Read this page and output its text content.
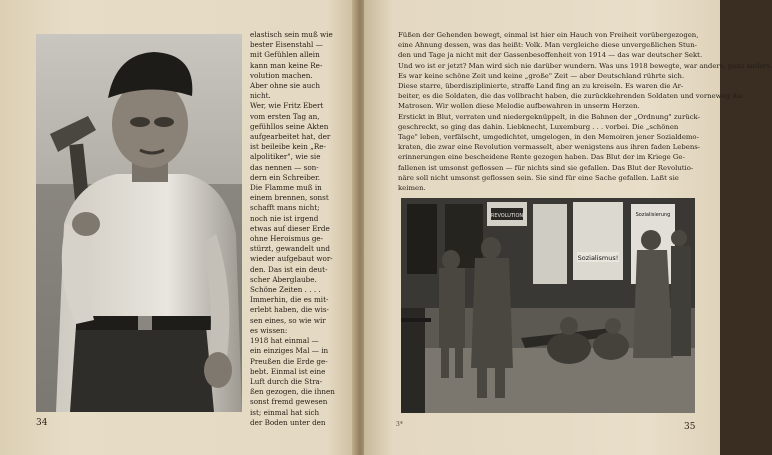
elastisch sein muß wie
bester Eisenstahl —
mit Gefühlen allein
kann man keine Re-
volution machen.
Aber ohne sie auch
nicht.
Wer, wie Fritz Ebert
vom ersten Tag an,
gefühllos seine Akten
aufgearbeitet hat, der
ist beileibe kein „Re-
alpolitiker", wie sie
das nennen — son-
dern ein Schreiber.
Die Flamme muß in
einem brennen, sonst
schafft mans nicht;
noch nie ist irgend
etwas auf dieser Erde
ohne Heroismus ge-
stürzt, gewandelt und
wieder aufgebaut wor-
den. Das ist ein deut-
scher Aberglaube.
Schöne Zeiten . . . .
Immerhin, die es mit-
erlebt haben, die wis-
sen eines, so wie wir
es wissen:
1918 hat einmal —
ein einziges Mal — in
Preußen die Erde ge-
bebt. Einmal ist eine
Luft durch die Stra-
ßen gezogen, die ihnen
sonst fremd gewesen
ist; einmal hat sich
der Boden unter den
34
Füßen der Gehenden bewegt, einmal ist hier ein Hauch von Freiheit vorübergezogen,
eine Ahnung dessen, was das heißt: Volk. Man vergleiche diese unvergeßlichen Stun-
den und Tage ja nicht mit der Gassenbesoffenheit von 1914 — das war deutscher Sekt.
Und wo ist er jetzt? Man wird sich nie darüber wundern. Was uns 1918 bewegte, war anders, ganz anders.
Es war keine schöne Zeit und keine „große" Zeit — aber Deutschland rührte sich.
Diese starre, überdisziplinierte, straffe Land fing an zu kreiseln. Es waren die Ar-
beiter, es die Soldaten, die das vollbracht haben, die zurückkehrenden Soldaten und vorneweg die
Matrosen. Wir wollen diese Melodie aufbewahren in unserm Herzen.
Erstickt in Blut, verraten und niedergeknüppelt, in die Bahnen der „Ordnung" zurück-
geschreckt, so ging das dahin. Liebknecht, Luxemburg . . . vorbei. Die „schönen
Tage" leben, verfälscht, umgedichtet, umgelogen, in den Memoiren jener Sozialdemo-
kraten, die zwar eine Revolution vermasselt, aber wenigstens aus ihren faden Lebens-
erinnerungen eine bescheidene Rente gezogen haben. Das Blut der im Kriege Ge-
fallenen ist umsonst geflossen — für nichts sind sie gefallen. Das Blut der Revolutio-
näre soll nicht umsonst geflossen sein. Sie sind für eine Sache gefallen. Laßt sie
keimen.
Sozialismus!
Sozialisierung
REVOLUTION
3*	35
